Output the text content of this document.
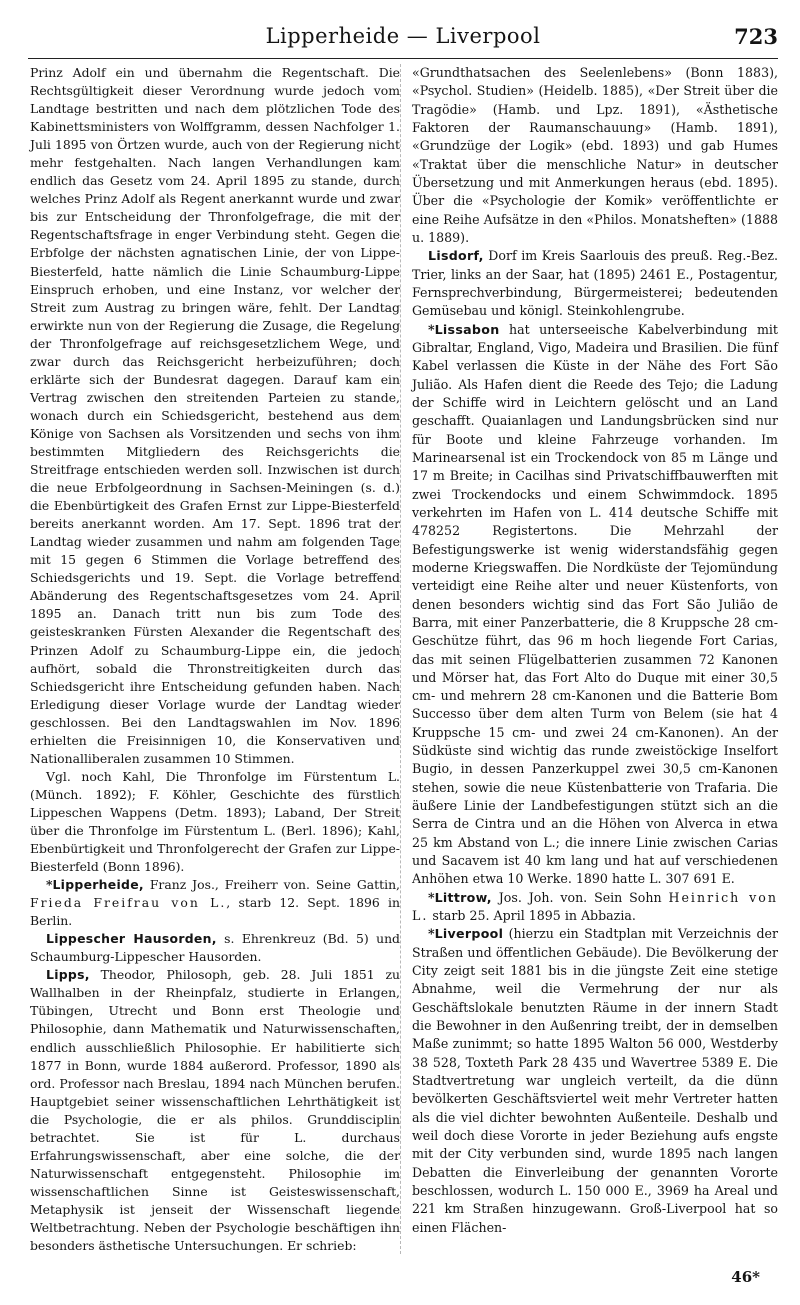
Lipperheide — Liverpool	723

Prinz Adolf ein und übernahm die Regentschaft. Die Rechtsgültigkeit dieser Verordnung wurde jedoch vom Landtage bestritten und nach dem plötzlichen Tode des Kabinettsministers von Wolffgramm, dessen Nachfolger 1. Juli 1895 von Örtzen wurde, auch von der Regierung nicht mehr festgehalten. Nach langen Verhandlungen kam endlich das Gesetz vom 24. April 1895 zu stande, durch welches Prinz Adolf als Regent anerkannt wurde und zwar bis zur Entscheidung der Thronfolgefrage, die mit der Regentschaftsfrage in enger Verbindung steht. Gegen die Erbfolge der nächsten agnatischen Linie, der von Lippe-Biesterfeld, hatte nämlich die Linie Schaumburg-Lippe Einspruch erhoben, und eine Instanz, vor welcher der Streit zum Austrag zu bringen wäre, fehlt. Der Landtag erwirkte nun von der Regierung die Zusage, die Regelung der Thronfolgefrage auf reichsgesetzlichem Wege, und zwar durch das Reichsgericht herbeizuführen; doch erklärte sich der Bundesrat dagegen. Darauf kam ein Vertrag zwischen den streitenden Parteien zu stande, wonach durch ein Schiedsgericht, bestehend aus dem Könige von Sachsen als Vorsitzenden und sechs von ihm bestimmten Mitgliedern des Reichsgerichts die Streitfrage entschieden werden soll. Inzwischen ist durch die neue Erbfolgeordnung in Sachsen-Meiningen (s. d.) die Ebenbürtigkeit des Grafen Ernst zur Lippe-Biesterfeld bereits anerkannt worden. Am 17. Sept. 1896 trat der Landtag wieder zusammen und nahm am folgenden Tage mit 15 gegen 6 Stimmen die Vorlage betreffend des Schiedsgerichts und 19. Sept. die Vorlage betreffend Abänderung des Regentschaftsgesetzes vom 24. April 1895 an. Danach tritt nun bis zum Tode des geisteskranken Fürsten Alexander die Regentschaft des Prinzen Adolf zu Schaumburg-Lippe ein, die jedoch aufhört, sobald die Thronstreitigkeiten durch das Schiedsgericht ihre Entscheidung gefunden haben. Nach Erledigung dieser Vorlage wurde der Landtag wieder geschlossen. Bei den Landtagswahlen im Nov. 1896 erhielten die Freisinnigen 10, die Konservativen und Nationalliberalen zusammen 10 Stimmen.

Vgl. noch Kahl, Die Thronfolge im Fürstentum L. (Münch. 1892); F. Köhler, Geschichte des fürstlich Lippeschen Wappens (Detm. 1893); Laband, Der Streit über die Thronfolge im Fürstentum L. (Berl. 1896); Kahl, Ebenbürtigkeit und Thronfolgerecht der Grafen zur Lippe-Biesterfeld (Bonn 1896).

*Lipperheide, Franz Jos., Freiherr von. Seine Gattin, Frieda Freifrau von L., starb 12. Sept. 1896 in Berlin.

Lippescher Hausorden, s. Ehrenkreuz (Bd. 5) und Schaumburg-Lippescher Hausorden.

Lipps, Theodor, Philosoph, geb. 28. Juli 1851 zu Wallhalben in der Rheinpfalz, studierte in Erlangen, Tübingen, Utrecht und Bonn erst Theologie und Philosophie, dann Mathematik und Naturwissenschaften, endlich ausschließlich Philosophie. Er habilitierte sich 1877 in Bonn, wurde 1884 außerord. Professor, 1890 als ord. Professor nach Breslau, 1894 nach München berufen. Hauptgebiet seiner wissenschaftlichen Lehrthätigkeit ist die Psychologie, die er als philos. Grunddisciplin betrachtet. Sie ist für L. durchaus Erfahrungswissenschaft, aber eine solche, die der Naturwissenschaft entgegensteht. Philosophie im wissenschaftlichen Sinne ist Geisteswissenschaft, Metaphysik ist jenseit der Wissenschaft liegende Weltbetrachtung. Neben der Psychologie beschäftigen ihn besonders ästhetische Untersuchungen. Er schrieb:

«Grundthatsachen des Seelenlebens» (Bonn 1883), «Psychol. Studien» (Heidelb. 1885), «Der Streit über die Tragödie» (Hamb. und Lpz. 1891), «Ästhetische Faktoren der Raumanschauung» (Hamb. 1891), «Grundzüge der Logik» (ebd. 1893) und gab Humes «Traktat über die menschliche Natur» in deutscher Übersetzung und mit Anmerkungen heraus (ebd. 1895). Über die «Psychologie der Komik» veröffentlichte er eine Reihe Aufsätze in den «Philos. Monatsheften» (1888 u. 1889).

Lisdorf, Dorf im Kreis Saarlouis des preuß. Reg.-Bez. Trier, links an der Saar, hat (1895) 2461 E., Postagentur, Fernsprechverbindung, Bürgermeisterei; bedeutenden Gemüsebau und königl. Steinkohlengrube.

*Lissabon hat unterseeische Kabelverbindung mit Gibraltar, England, Vigo, Madeira und Brasilien. Die fünf Kabel verlassen die Küste in der Nähe des Fort São Julião. Als Hafen dient die Reede des Tejo; die Ladung der Schiffe wird in Leichtern gelöscht und an Land geschafft. Quaianlagen und Landungsbrücken sind nur für Boote und kleine Fahrzeuge vorhanden. Im Marinearsenal ist ein Trockendock von 85 m Länge und 17 m Breite; in Cacilhas sind Privatschiffbauwerften mit zwei Trockendocks und einem Schwimmdock. 1895 verkehrten im Hafen von L. 414 deutsche Schiffe mit 478252 Registertons. Die Mehrzahl der Befestigungswerke ist wenig widerstandsfähig gegen moderne Kriegswaffen. Die Nordküste der Tejomündung verteidigt eine Reihe alter und neuer Küstenforts, von denen besonders wichtig sind das Fort São Julião de Barra, mit einer Panzerbatterie, die 8 Kruppsche 28 cm-Geschütze führt, das 96 m hoch liegende Fort Carias, das mit seinen Flügelbatterien zusammen 72 Kanonen und Mörser hat, das Fort Alto do Duque mit einer 30,5 cm- und mehrern 28 cm-Kanonen und die Batterie Bom Successo über dem alten Turm von Belem (sie hat 4 Kruppsche 15 cm- und zwei 24 cm-Kanonen). An der Südküste sind wichtig das runde zweistöckige Inselfort Bugio, in dessen Panzerkuppel zwei 30,5 cm-Kanonen stehen, sowie die neue Küstenbatterie von Trafaria. Die äußere Linie der Landbefestigungen stützt sich an die Serra de Cintra und an die Höhen von Alverca in etwa 25 km Abstand von L.; die innere Linie zwischen Carias und Sacavem ist 40 km lang und hat auf verschiedenen Anhöhen etwa 10 Werke. 1890 hatte L. 307 691 E.

*Littrow, Jos. Joh. von. Sein Sohn Heinrich von L. starb 25. April 1895 in Abbazia.

*Liverpool (hierzu ein Stadtplan mit Verzeichnis der Straßen und öffentlichen Gebäude). Die Bevölkerung der City zeigt seit 1881 bis in die jüngste Zeit eine stetige Abnahme, weil die Vermehrung der nur als Geschäftslokale benutzten Räume in der innern Stadt die Bewohner in den Außenring treibt, der in demselben Maße zunimmt; so hatte 1895 Walton 56 000, Westderby 38 528, Toxteth Park 28 435 und Wavertree 5389 E. Die Stadtvertretung war ungleich verteilt, da die dünn bevölkerten Geschäftsviertel weit mehr Vertreter hatten als die viel dichter bewohnten Außenteile. Deshalb und weil doch diese Vororte in jeder Beziehung aufs engste mit der City verbunden sind, wurde 1895 nach langen Debatten die Einverleibung der genannten Vororte beschlossen, wodurch L. 150 000 E., 3969 ha Areal und 221 km Straßen hinzugewann. Groß-Liverpool hat so einen Flächen-

46*
